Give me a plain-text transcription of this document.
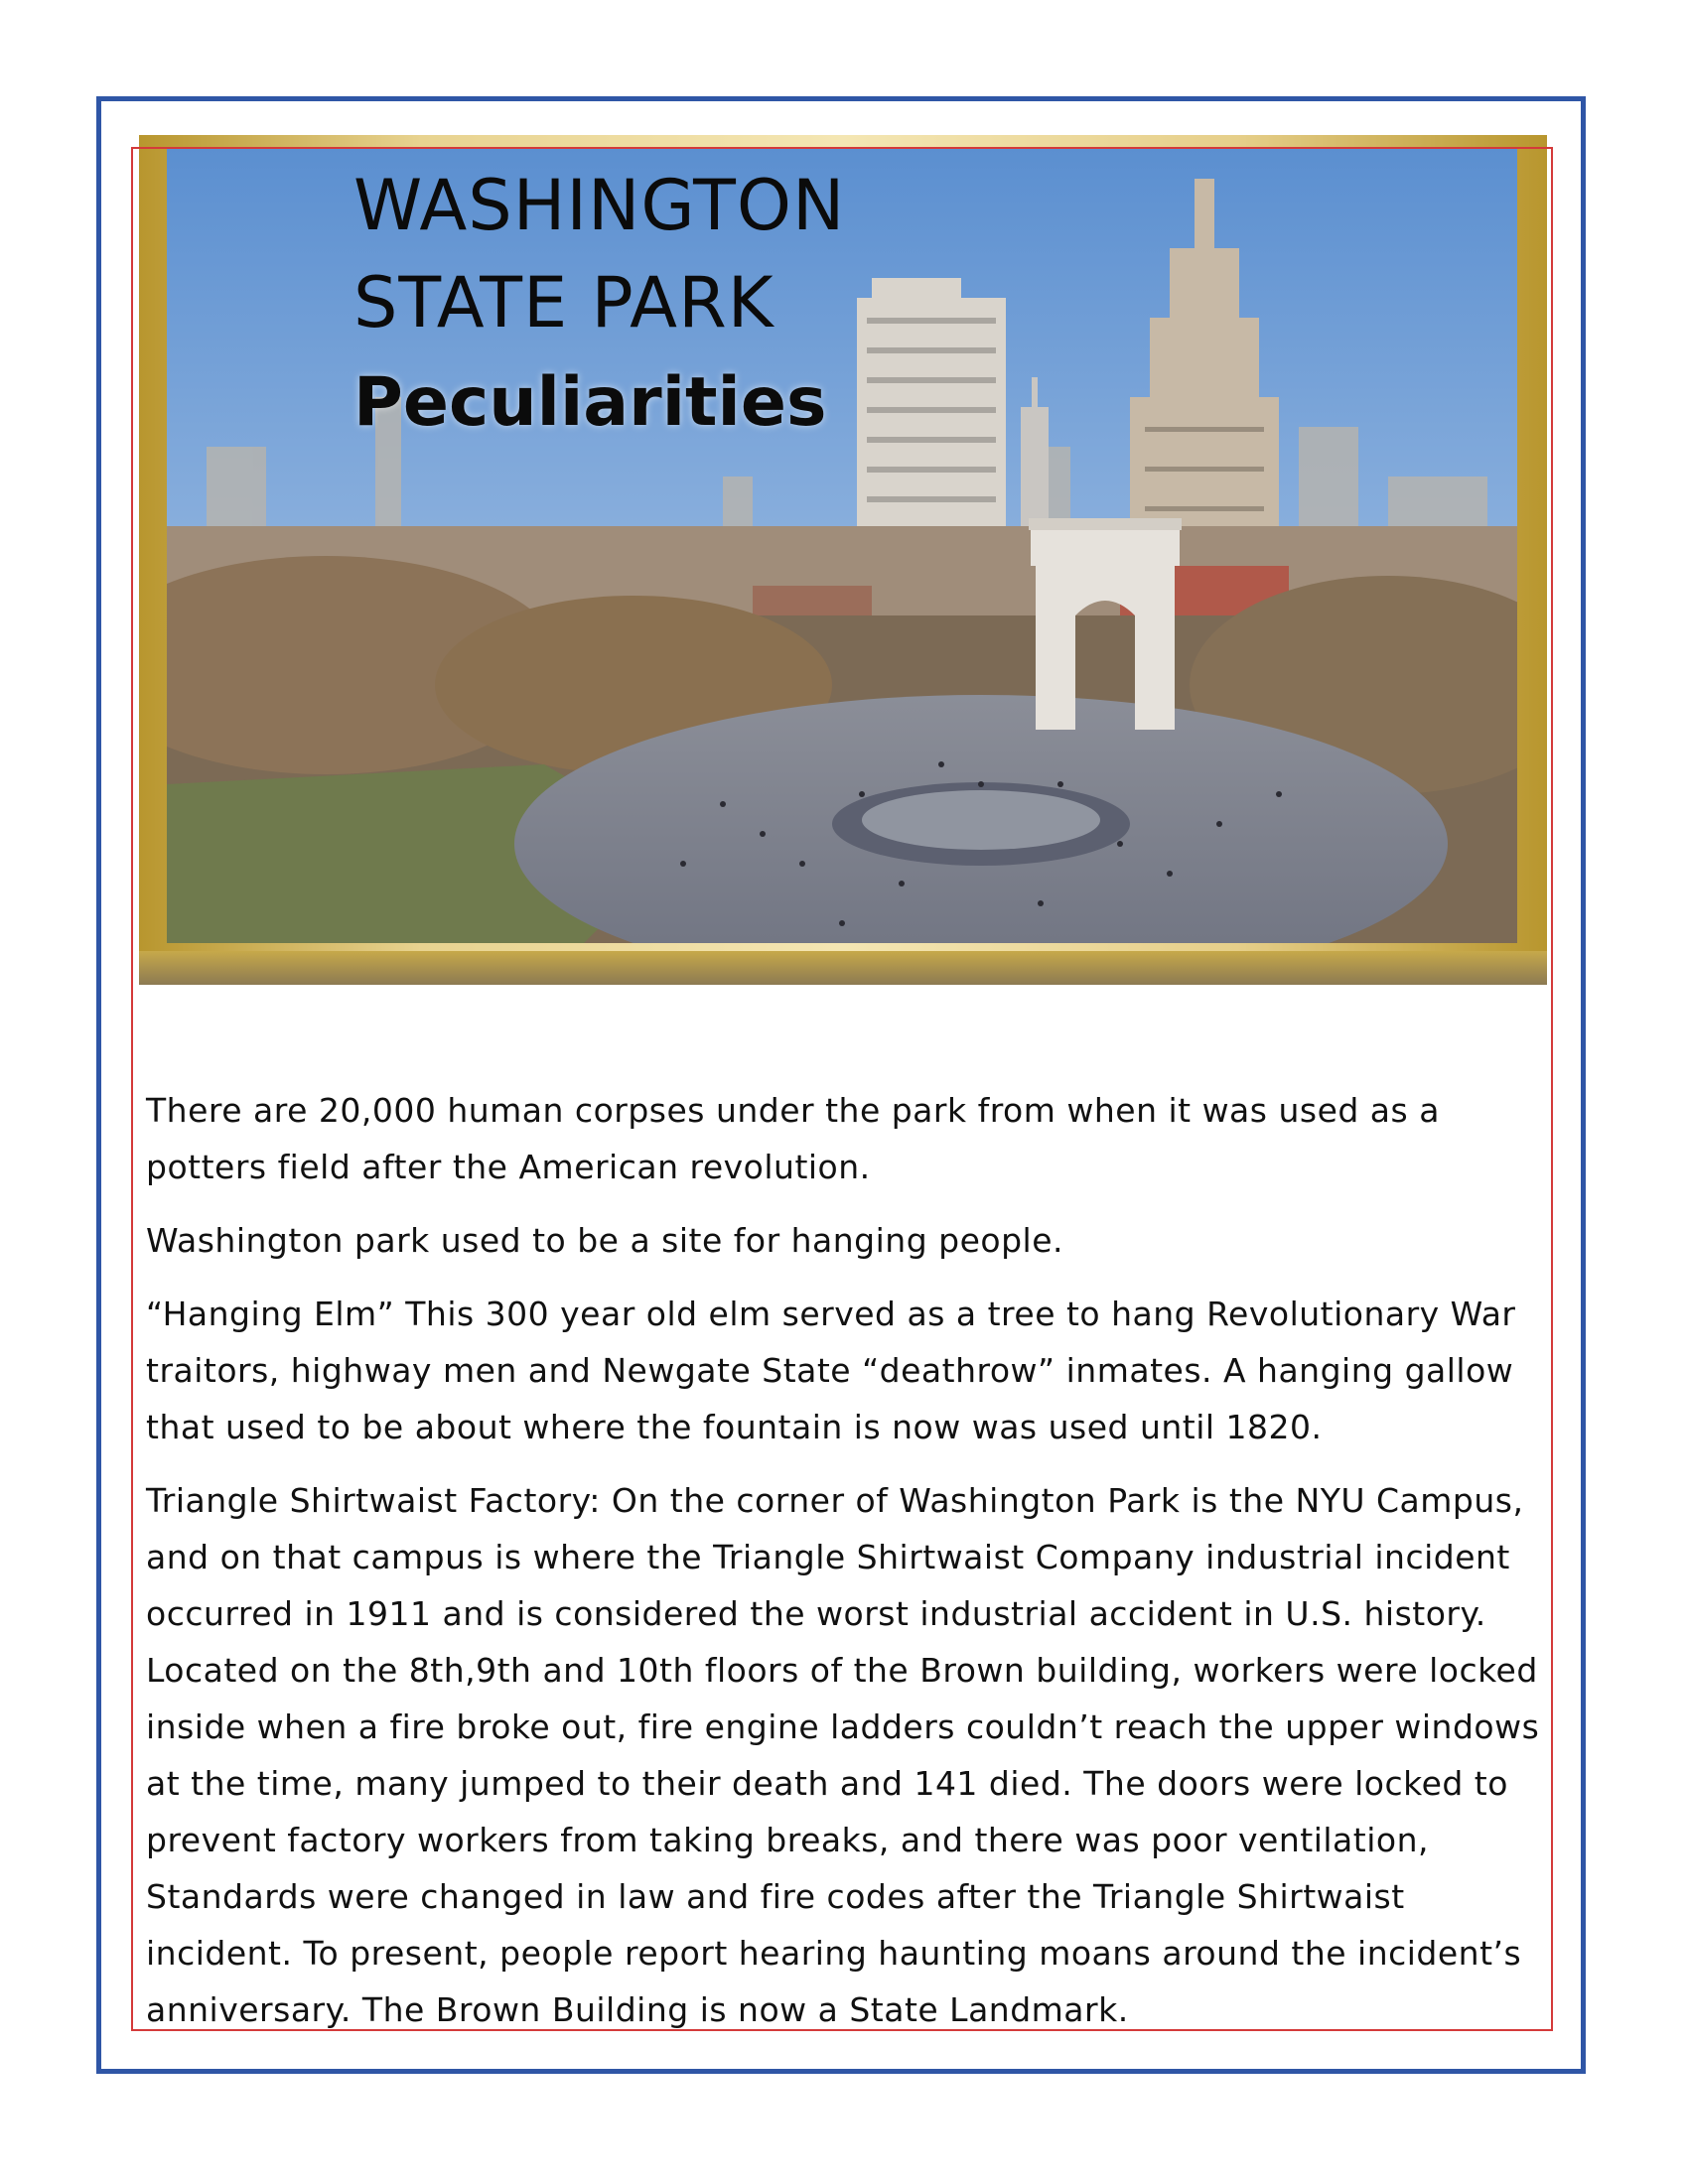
WASHINGTON
STATE PARK
Peculiarities

There are 20,000 human corpses under the park from when it was used as a potters field after the American revolution.

Washington park used to be a site for hanging people.

“Hanging Elm” This 300 year old elm served as a tree to hang Revolutionary War traitors, highway men and Newgate State “deathrow” inmates. A hanging gallow that used to be about where the fountain is now was used until 1820.

Triangle Shirtwaist Factory: On the corner of Washington Park is the NYU Campus, and on that campus is where the Triangle Shirtwaist Company industrial incident occurred in 1911 and is considered the worst industrial accident in U.S. history. Located on the 8th,9th and 10th floors of the Brown building, workers were locked inside when a fire broke out, fire engine ladders couldn’t reach the upper windows at the time, many jumped to their death and 141 died. The doors were locked to prevent factory workers from taking breaks, and there was poor ventilation, Standards were changed in law and fire codes after the Triangle Shirtwaist incident. To present, people report hearing haunting moans around the incident’s anniversary. The Brown Building is now a State Landmark.
